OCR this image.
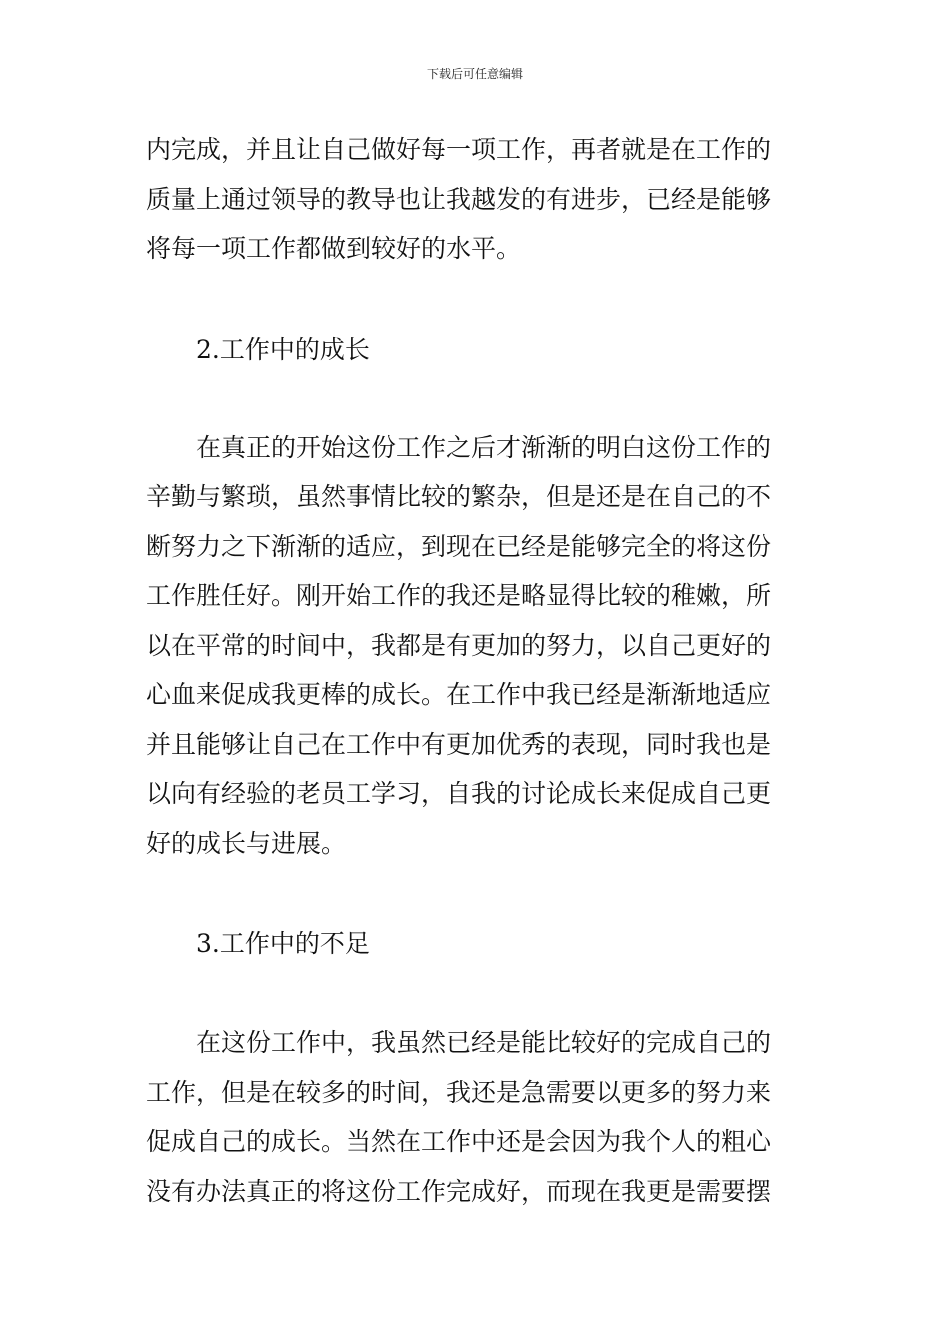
下载后可任意编辑
内完成，并且让自己做好每一项工作，再者就是在工作的
质量上通过领导的教导也让我越发的有进步，已经是能够
将每一项工作都做到较好的水平。
　　2.工作中的成长
　　在真正的开始这份工作之后才渐渐的明白这份工作的
辛勤与繁琐，虽然事情比较的繁杂，但是还是在自己的不
断努力之下渐渐的适应，到现在已经是能够完全的将这份
工作胜任好。刚开始工作的我还是略显得比较的稚嫩，所
以在平常的时间中，我都是有更加的努力，以自己更好的
心血来促成我更棒的成长。在工作中我已经是渐渐地适应
并且能够让自己在工作中有更加优秀的表现，同时我也是
以向有经验的老员工学习，自我的讨论成长来促成自己更
好的成长与进展。
　　3.工作中的不足
　　在这份工作中，我虽然已经是能比较好的完成自己的
工作，但是在较多的时间，我还是急需要以更多的努力来
促成自己的成长。当然在工作中还是会因为我个人的粗心
没有办法真正的将这份工作完成好，而现在我更是需要摆
